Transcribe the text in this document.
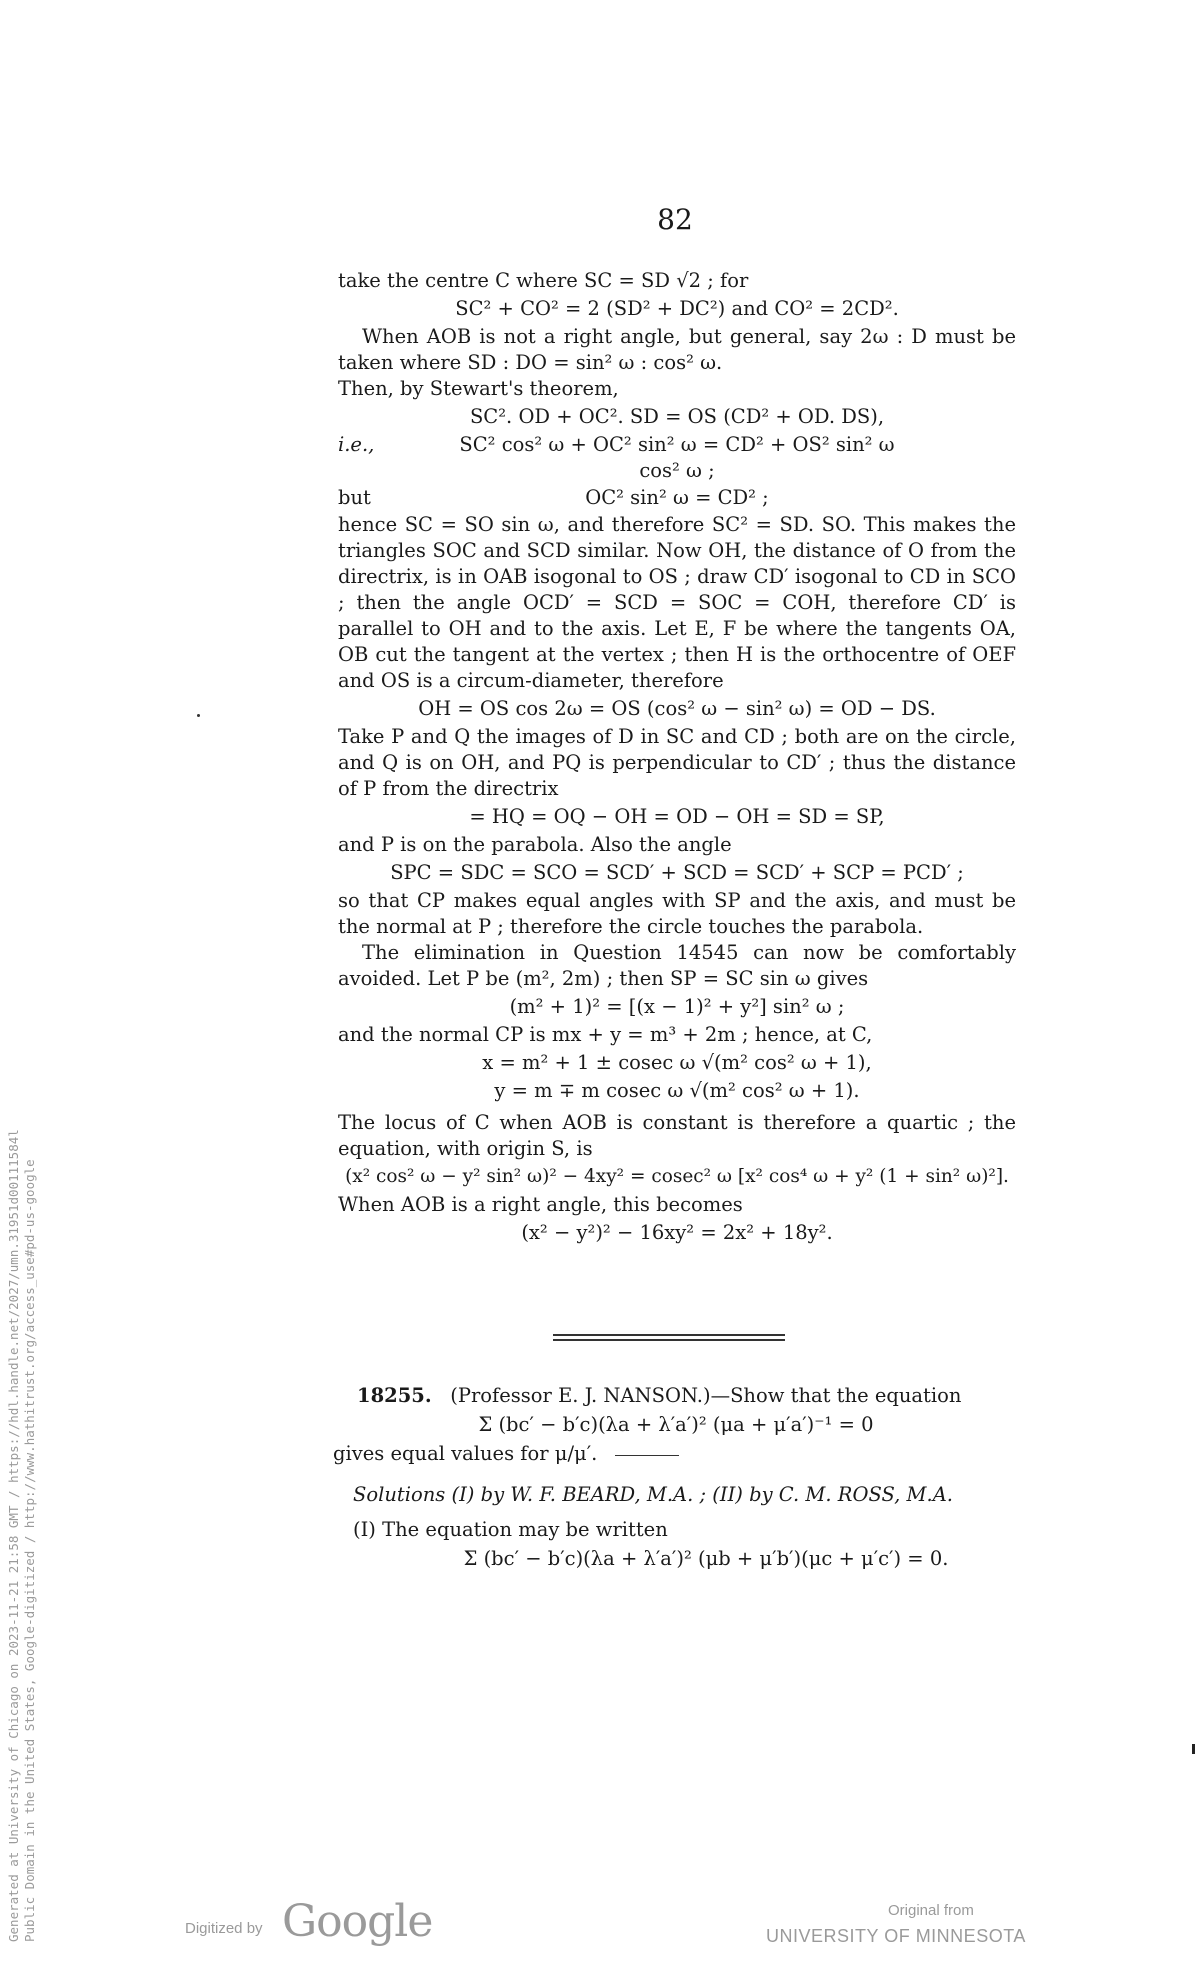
82

take the centre C where SC = SD √2 ; for

SC² + CO² = 2 (SD² + DC²) and CO² = 2CD².

When AOB is not a right angle, but general, say 2ω : D must be taken where SD : DO = sin² ω : cos² ω.

Then, by Stewart's theorem,

SC². OD + OC². SD = OS (CD² + OD. DS),

i.e.,	SC² cos² ω + OC² sin² ω = CD² + OS² sin² ω cos² ω ;
but	OC² sin² ω = CD² ;

hence SC = SO sin ω, and therefore SC² = SD. SO. This makes the triangles SOC and SCD similar. Now OH, the distance of O from the directrix, is in OAB isogonal to OS ; draw CD′ isogonal to CD in SCO ; then the angle OCD′ = SCD = SOC = COH, therefore CD′ is parallel to OH and to the axis. Let E, F be where the tangents OA, OB cut the tangent at the vertex ; then H is the orthocentre of OEF and OS is a circum-diameter, therefore

OH = OS cos 2ω = OS (cos² ω − sin² ω) = OD − DS.

Take P and Q the images of D in SC and CD ; both are on the circle, and Q is on OH, and PQ is perpendicular to CD′ ; thus the distance of P from the directrix

= HQ = OQ − OH = OD − OH = SD = SP,

and P is on the parabola. Also the angle

SPC = SDC = SCO = SCD′ + SCD = SCD′ + SCP = PCD′ ;

so that CP makes equal angles with SP and the axis, and must be the normal at P ; therefore the circle touches the parabola.

The elimination in Question 14545 can now be comfortably avoided. Let P be (m², 2m) ; then SP = SC sin ω gives

(m² + 1)² = [(x − 1)² + y²] sin² ω ;

and the normal CP is mx + y = m³ + 2m ; hence, at C,

x = m² + 1 ± cosec ω √(m² cos² ω + 1),

y = m ∓ m cosec ω √(m² cos² ω + 1).

The locus of C when AOB is constant is therefore a quartic ; the equation, with origin S, is

(x² cos² ω − y² sin² ω)² − 4xy² = cosec² ω [x² cos⁴ ω + y² (1 + sin² ω)²].

When AOB is a right angle, this becomes

(x² − y²)² − 16xy² = 2x² + 18y².

18255. (Professor E. J. NANSON.)—Show that the equation

Σ (bc′ − b′c)(λa + λ′a′)² (μa + μ′a′)⁻¹ = 0

gives equal values for μ/μ′.

Solutions (I) by W. F. BEARD, M.A. ; (II) by C. M. ROSS, M.A.

(I) The equation may be written

Σ (bc′ − b′c)(λa + λ′a′)² (μb + μ′b′)(μc + μ′c′) = 0.

Generated at University of Chicago on 2023-11-21 21:58 GMT / https://hdl.handle.net/2027/umn.31951d00111584l Public Domain in the United States, Google-digitized / http://www.hathitrust.org/access_use#pd-us-google	Digitized by Google	Original from
UNIVERSITY OF MINNESOTA
